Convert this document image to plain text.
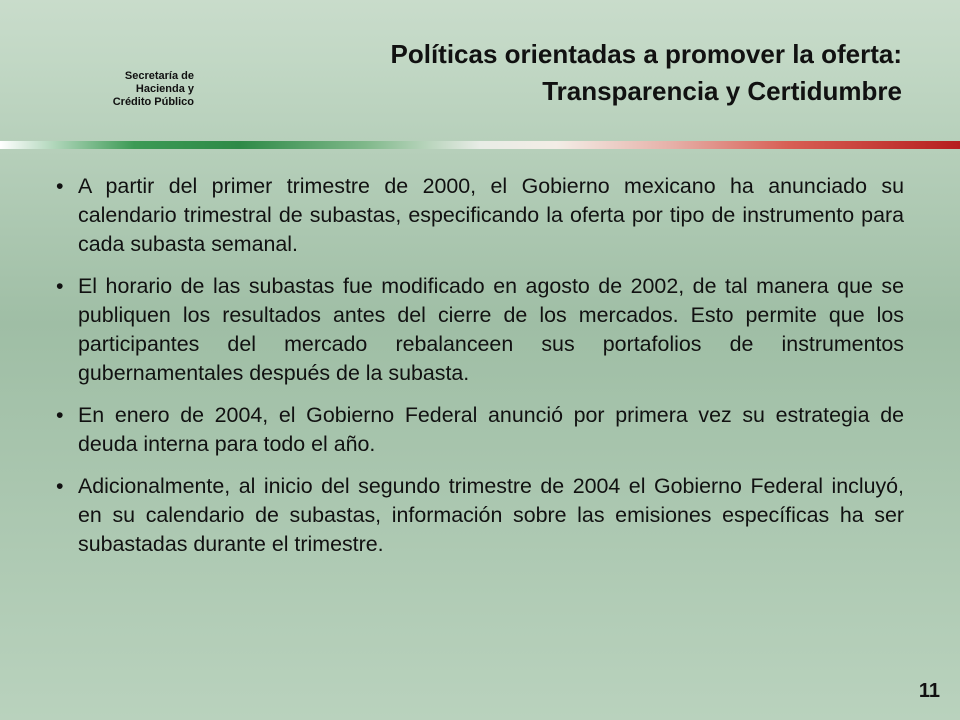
Secretaría de
Hacienda y
Crédito Público
Políticas orientadas a promover la oferta:
Transparencia y Certidumbre
• A partir del primer trimestre de 2000, el Gobierno mexicano ha anunciado su calendario trimestral de subastas, especificando la oferta por tipo de instrumento para cada subasta semanal.
• El horario de las subastas fue modificado en agosto de 2002, de tal manera que se publiquen los resultados antes del cierre de los mercados. Esto permite que los participantes del mercado rebalanceen sus portafolios de instrumentos gubernamentales después de la subasta.
• En enero de 2004, el Gobierno Federal anunció por primera vez su estrategia de deuda interna para todo el año.
• Adicionalmente, al inicio del segundo trimestre de 2004 el Gobierno Federal incluyó, en su calendario de subastas, información sobre las emisiones específicas ha ser subastadas durante el trimestre.
11
